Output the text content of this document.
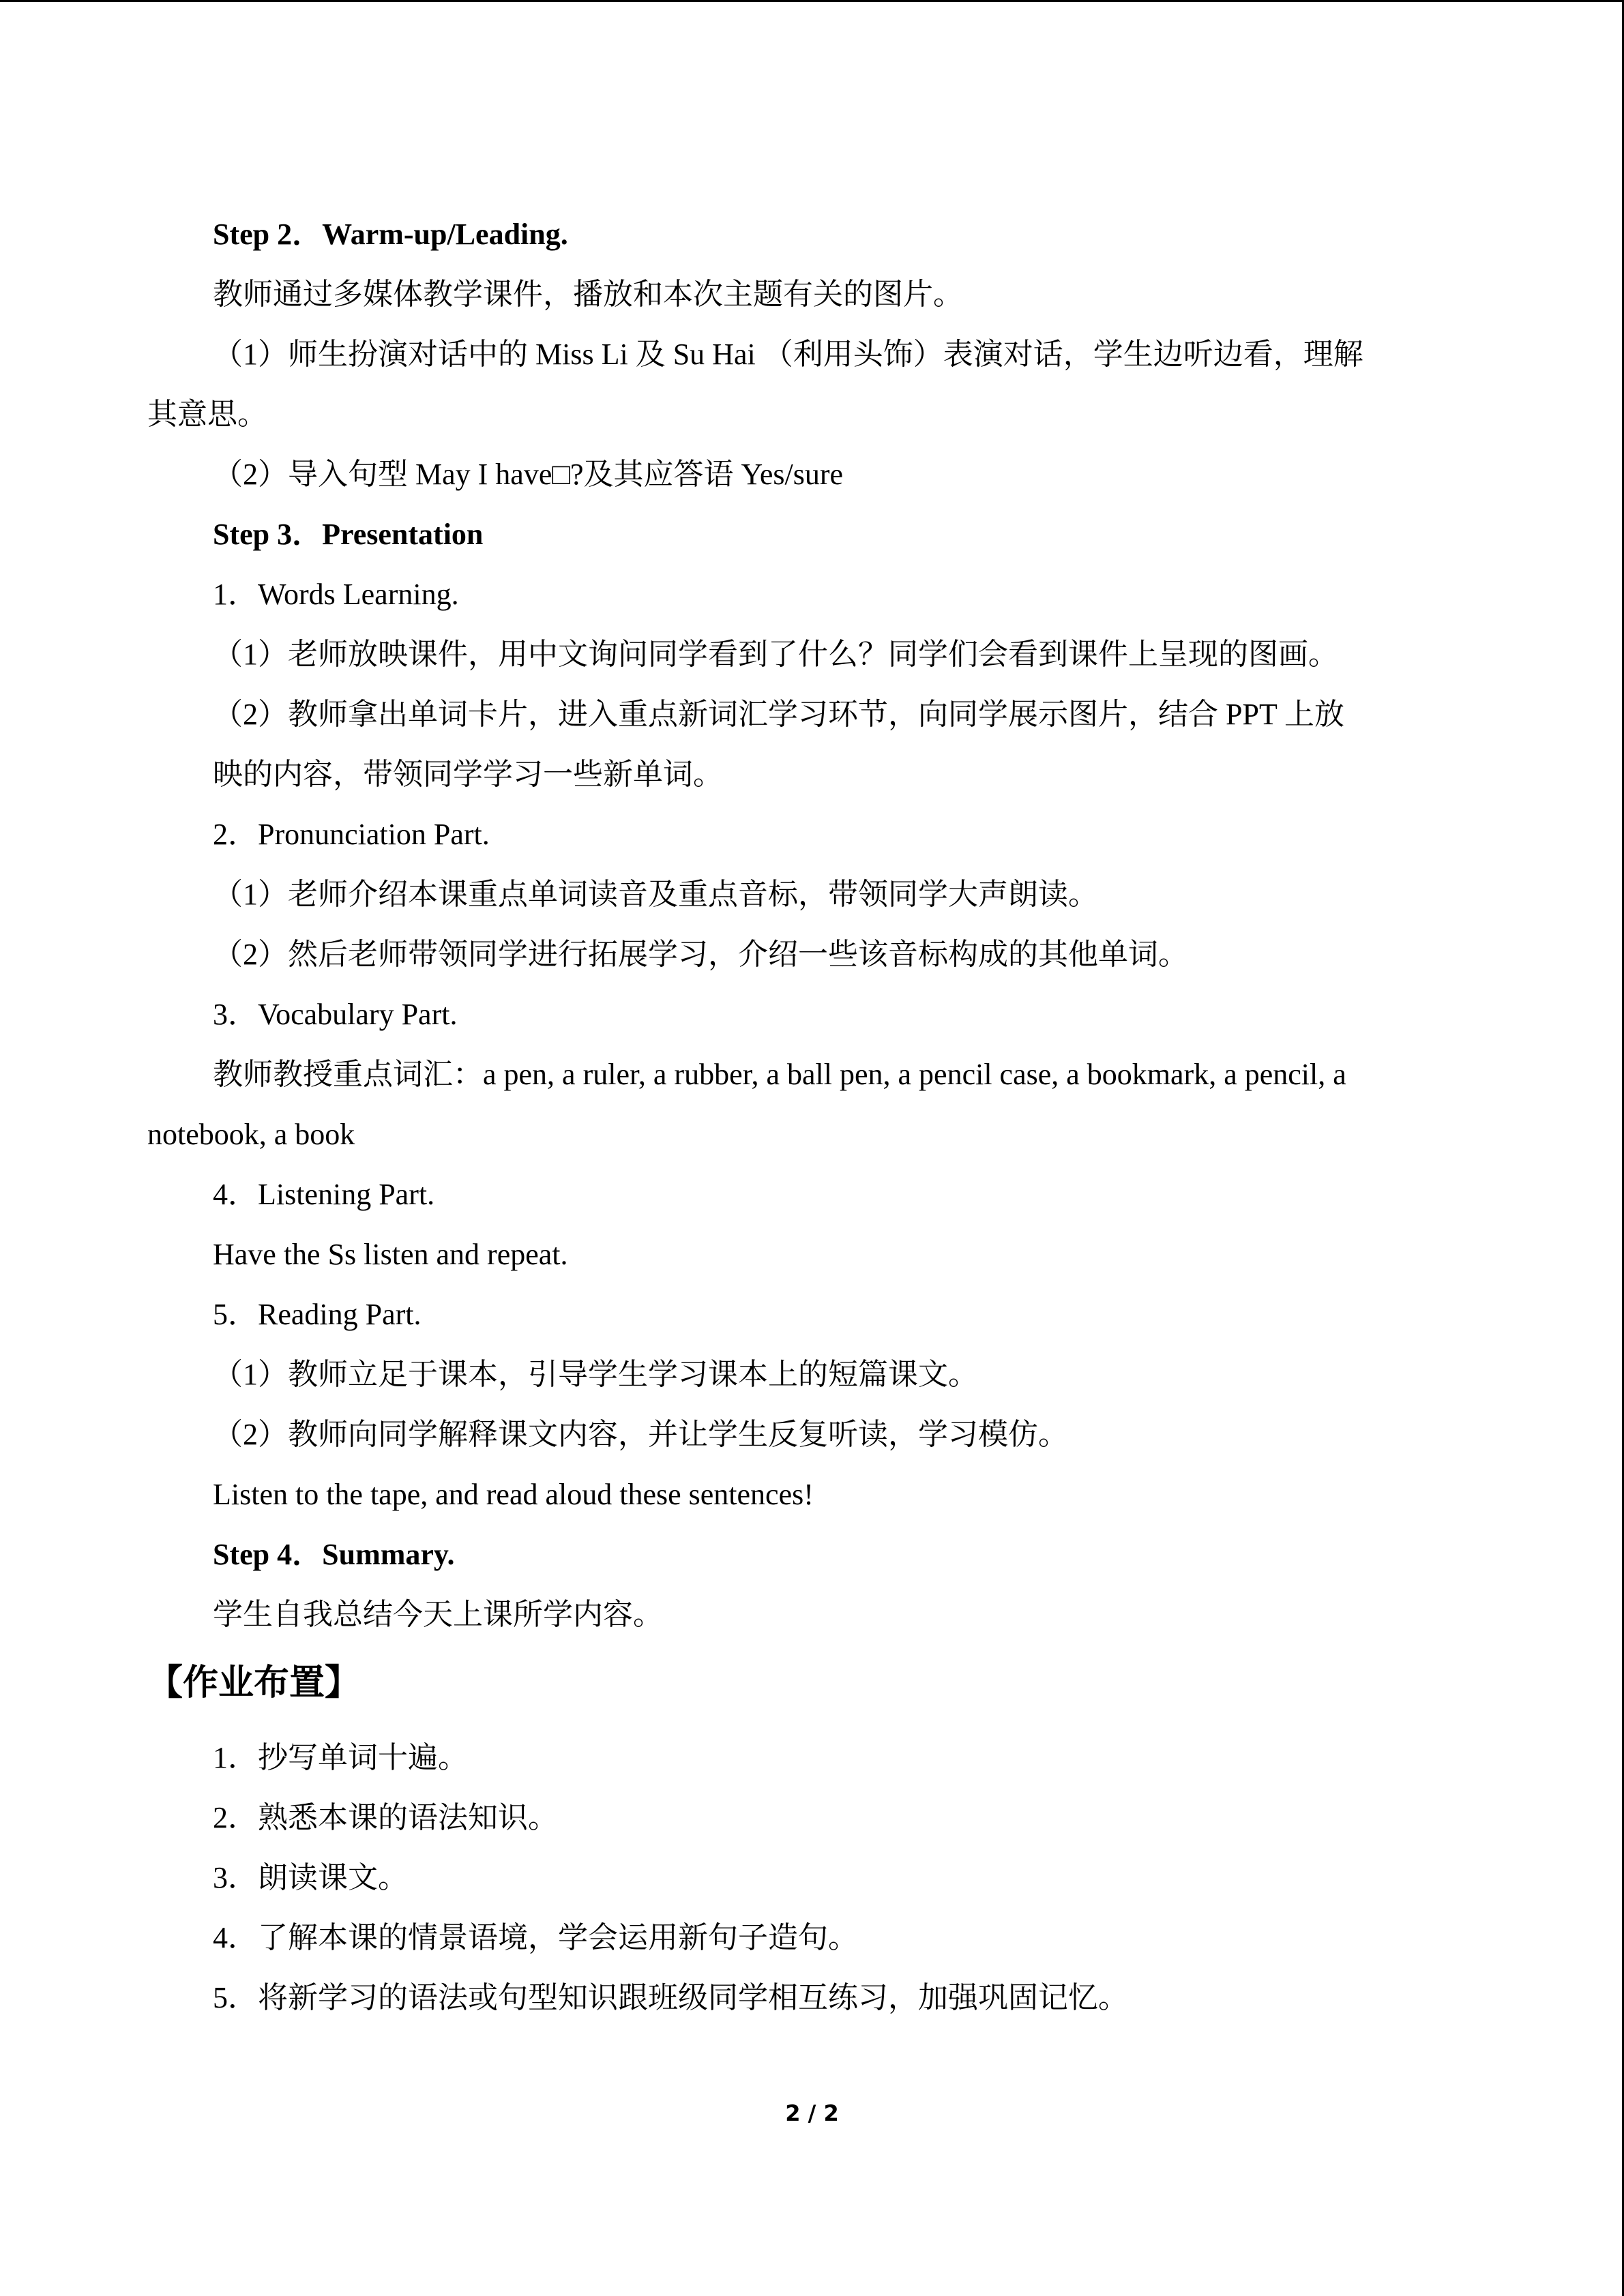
Step 2．Warm-up/Leading.
教师通过多媒体教学课件，播放和本次主题有关的图片。
（1）师生扮演对话中的 Miss Li 及 Su Hai （利用头饰）表演对话，学生边听边看，理解
其意思。
（2）导入句型 May I have□?及其应答语 Yes/sure
Step 3．Presentation
1．Words Learning.
（1）老师放映课件，用中文询问同学看到了什么？同学们会看到课件上呈现的图画。
（2）教师拿出单词卡片，进入重点新词汇学习环节，向同学展示图片，结合 PPT 上放
映的内容，带领同学学习一些新单词。
2．Pronunciation Part.
（1）老师介绍本课重点单词读音及重点音标，带领同学大声朗读。
（2）然后老师带领同学进行拓展学习，介绍一些该音标构成的其他单词。
3．Vocabulary Part.
教师教授重点词汇：a pen, a ruler, a rubber, a ball pen, a pencil case, a bookmark, a pencil, a
notebook, a book
4．Listening Part.
Have the Ss listen and repeat.
5．Reading Part.
（1）教师立足于课本，引导学生学习课本上的短篇课文。
（2）教师向同学解释课文内容，并让学生反复听读，学习模仿。
Listen to the tape, and read aloud these sentences!
Step 4．Summary.
学生自我总结今天上课所学内容。
【作业布置】
1．抄写单词十遍。
2．熟悉本课的语法知识。
3．朗读课文。
4．了解本课的情景语境，学会运用新句子造句。
5．将新学习的语法或句型知识跟班级同学相互练习，加强巩固记忆。
2 / 2
